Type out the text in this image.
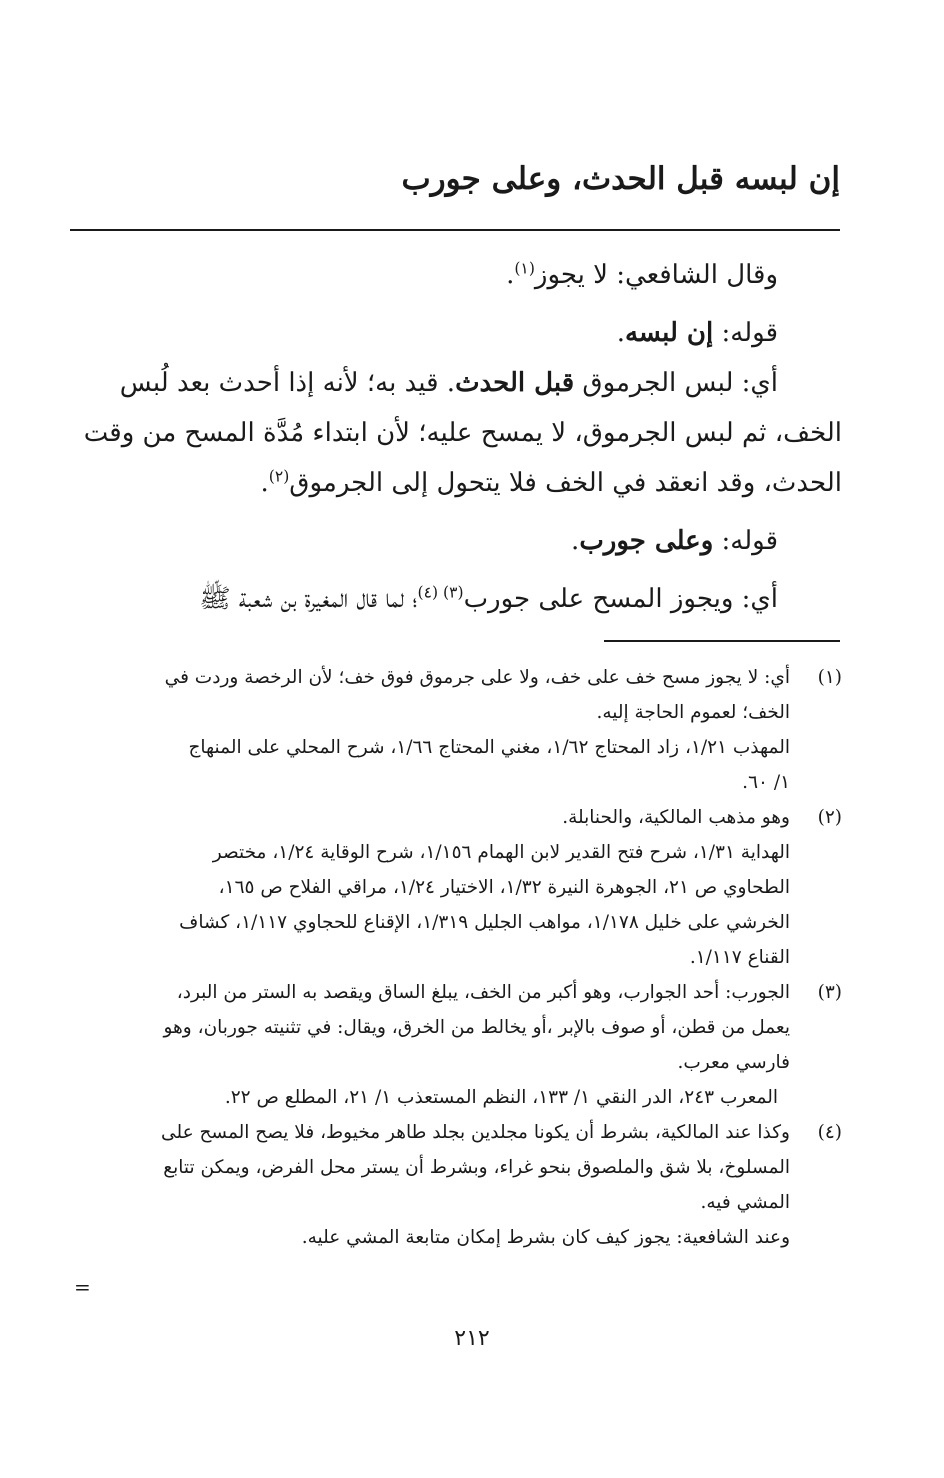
إن لبسه قبل الحدث، وعلى جورب

وقال الشافعي: لا يجوز$^{(١)}$.

قوله: إن لبسه.

أي: لبس الجرموق قبل الحدث. قيد به؛ لأنه إذا أحدث بعد لُبس

الخف، ثم لبس الجرموق، لا يمسح عليه؛ لأن ابتداء مُدَّة المسح من وقت

الحدث، وقد انعقد في الخف فلا يتحول إلى الجرموق$^{(٢)}$.

قوله: وعلى جورب.

أي: ويجوز المسح على جورب$^{(٣) (٤)}$؛ لما قال المغيرة بن شعبة ﷺ

(١)

أي: لا يجوز مسح خف على خف، ولا على جرموق فوق خف؛ لأن الرخصة وردت في

الخف؛ لعموم الحاجة إليه.

المهذب ١/٢١، زاد المحتاج ١/٦٢، مغني المحتاج ١/٦٦، شرح المحلي على المنهاج

١/ ٦٠.

(٢)

وهو مذهب المالكية، والحنابلة.

الهداية ١/٣١، شرح فتح القدير لابن الهمام ١/١٥٦، شرح الوقاية ١/٢٤، مختصر

الطحاوي ص ٢١، الجوهرة النيرة ١/٣٢، الاختيار ١/٢٤، مراقي الفلاح ص ١٦٥،

الخرشي على خليل ١/١٧٨، مواهب الجليل ١/٣١٩، الإقناع للحجاوي ١/١١٧، كشاف

القناع ١/١١٧.

(٣)

الجورب: أحد الجوارب، وهو أكبر من الخف، يبلغ الساق ويقصد به الستر من البرد،

يعمل من قطن، أو صوف بالإبر ،أو يخالط من الخرق، ويقال: في تثنيته جوربان، وهو

فارسي معرب.

المعرب ٢٤٣، الدر النقي ١/ ١٣٣، النظم المستعذب ١/ ٢١، المطلع ص ٢٢.

(٤)

وكذا عند المالكية، بشرط أن يكونا مجلدين بجلد طاهر مخيوط، فلا يصح المسح على

المسلوخ، بلا شق والملصوق بنحو غراء، وبشرط أن يستر محل الفرض، ويمكن تتابع

المشي فيه.

وعند الشافعية: يجوز كيف كان بشرط إمكان متابعة المشي عليه.

=
٢١٢
